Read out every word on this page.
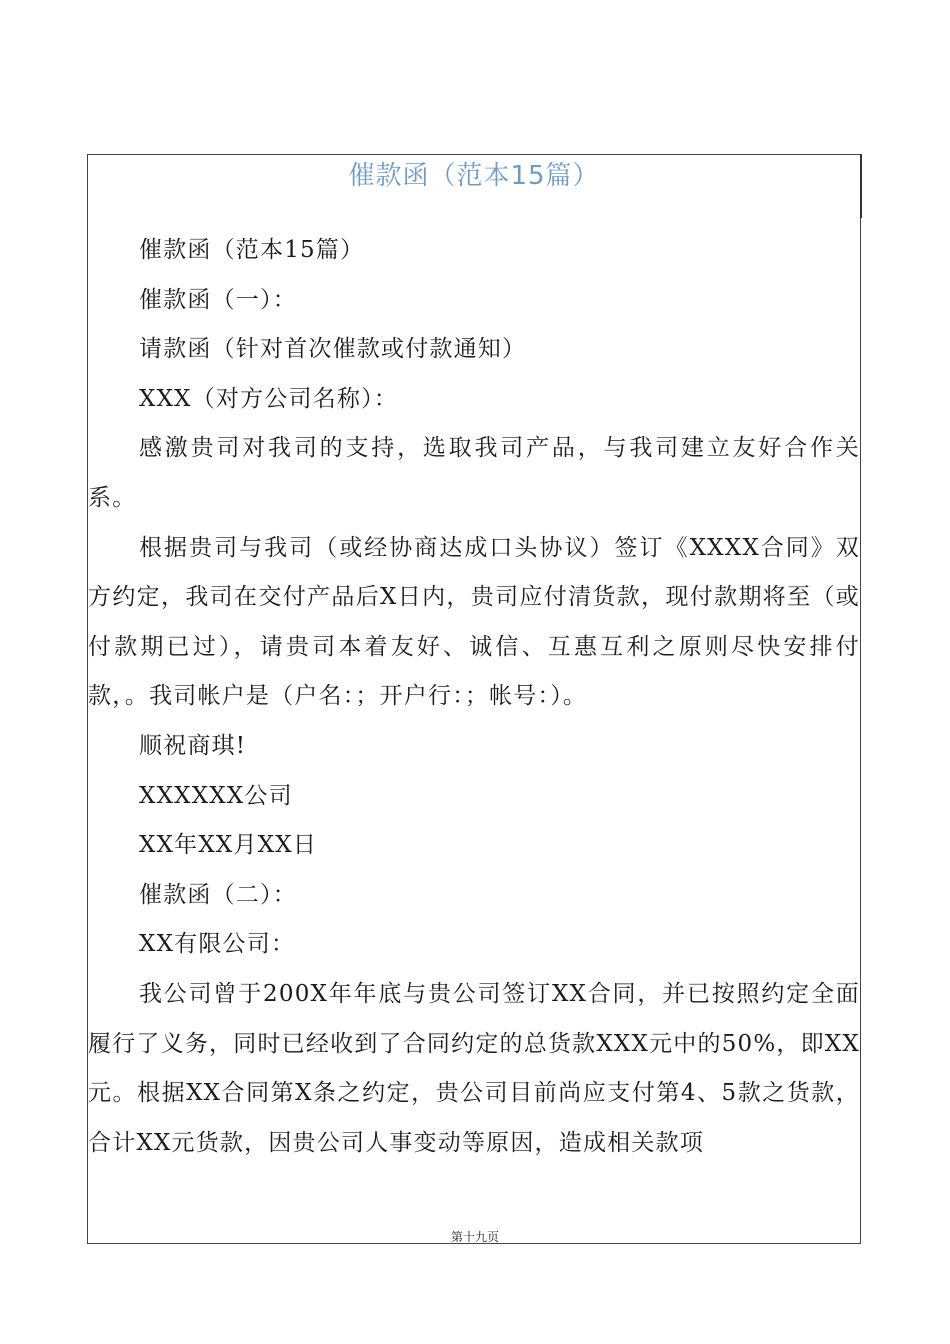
催款函（范本15篇）

催款函（范本15篇）

催款函（一）：

请款函（针对首次催款或付款通知）

XXX（对方公司名称）：

感激贵司对我司的支持，选取我司产品，与我司建立友好合作关系。

根据贵司与我司（或经协商达成口头协议）签订《XXXX合同》双方约定，我司在交付产品后X日内，贵司应付清货款，现付款期将至（或付款期已过），请贵司本着友好、诚信、互惠互利之原则尽快安排付款，。我司帐户是（户名：；开户行：；帐号：）。

顺祝商琪!

XXXXXX公司

XX年XX月XX日

催款函（二）：

XX有限公司：

我公司曾于200X年年底与贵公司签订XX合同，并已按照约定全面履行了义务，同时已经收到了合同约定的总货款XXX元中的50%，即XX元。根据XX合同第X条之约定，贵公司目前尚应支付第4、5款之货款，合计XX元货款，因贵公司人事变动等原因，造成相关款项

第十九页
